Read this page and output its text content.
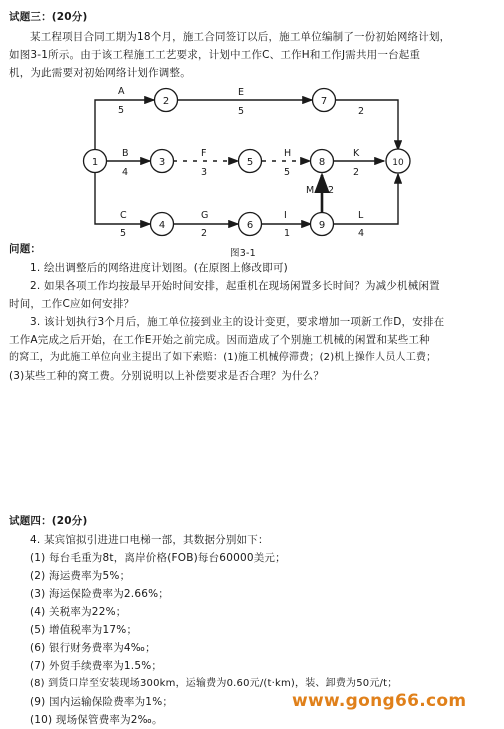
试题三：(20分)
某工程项目合同工期为18个月，施工合同签订以后，施工单位编制了一份初始网络计划，
如图3-1所示。由于该工程施工工艺要求，计划中工作C、工作H和工作J需共用一台起重
机，为此需要对初始网络计划作调整。
1
2
3	5
4	6
7
8
9
10
A
5
E
5
B
4
F
3
H
5
K
2
C
5
G
2
I
1
L
4
M 2
2
图3-1
问题：
1. 绘出调整后的网络进度计划图。(在原图上修改即可)
2. 如果各项工作均按最早开始时间安排，起重机在现场闲置多长时间？为减少机械闲置
时间，工作C应如何安排？
3. 该计划执行3个月后，施工单位接到业主的设计变更，要求增加一项新工作D，安排在
工作A完成之后开始，在工作E开始之前完成。因而造成了个别施工机械的闲置和某些工种
的窝工，为此施工单位向业主提出了如下索赔：(1)施工机械停滞费；(2)机上操作人员人工费；
(3)某些工种的窝工费。分别说明以上补偿要求是否合理？为什么？
试题四：(20分)
4. 某宾馆拟引进进口电梯一部，其数据分别如下：
(1) 每台毛重为8t，离岸价格(FOB)每台60000美元；
(2) 海运费率为5%；
(3) 海运保险费率为2.66%；
(4) 关税率为22%；
(5) 增值税率为17%；
(6) 银行财务费率为4‰；
(7) 外贸手续费率为1.5%；
(8) 到货口岸至安装现场300km，运输费为0.60元/(t·km)，装、卸费为50元/t；
(9) 国内运输保险费率为1%；
(10) 现场保管费率为2‰。
www.gong66.com
